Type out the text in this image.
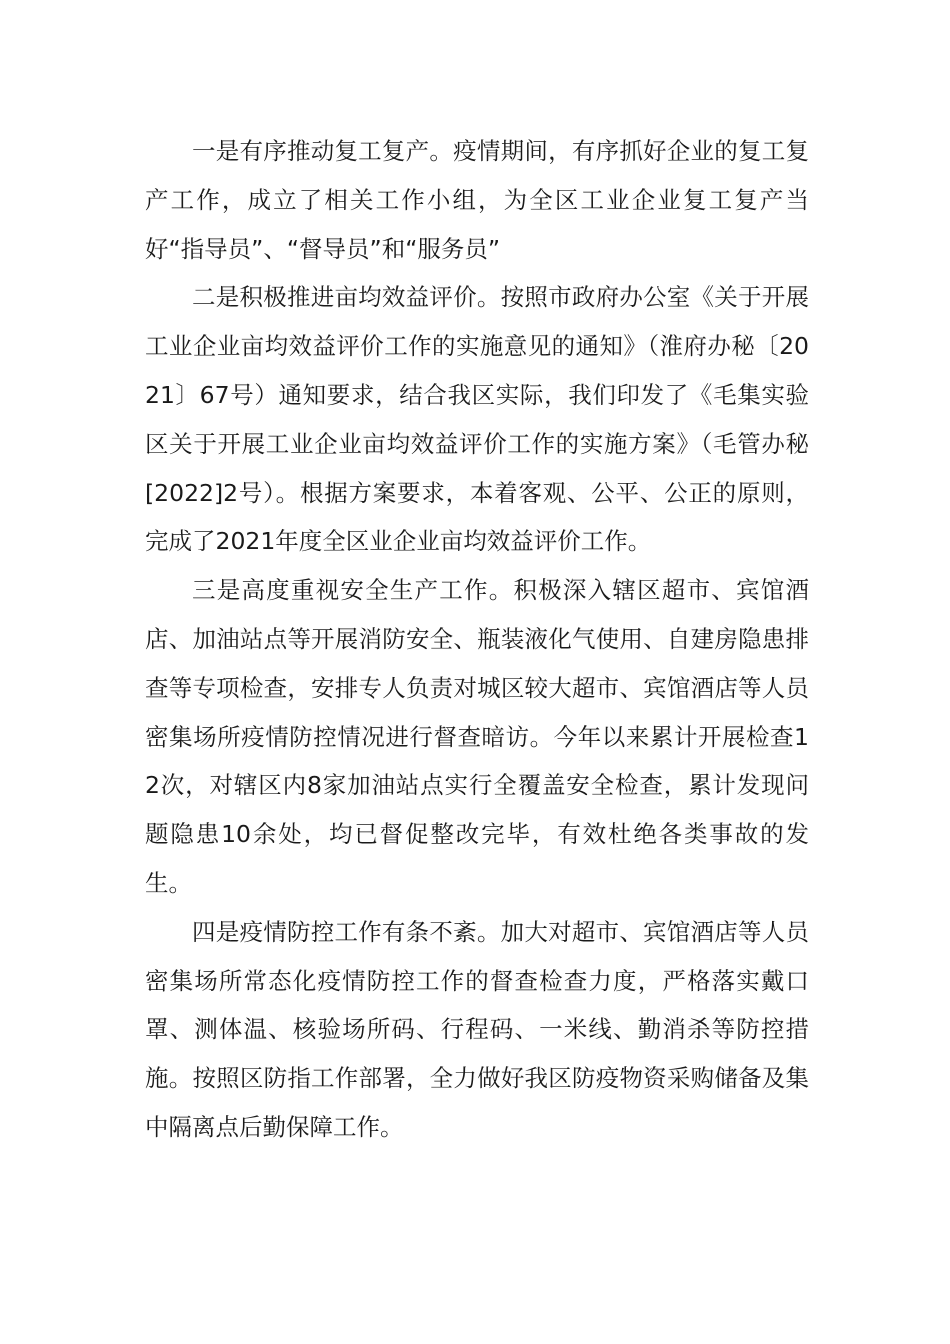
一是有序推动复工复产。疫情期间，有序抓好企业的复工复产工作，成立了相关工作小组，为全区工业企业复工复产当好“指导员”、“督导员”和“服务员”

二是积极推进亩均效益评价。按照市政府办公室《关于开展工业企业亩均效益评价工作的实施意见的通知》（淮府办秘〔2021〕67号）通知要求，结合我区实际，我们印发了《毛集实验区关于开展工业企业亩均效益评价工作的实施方案》（毛管办秘[2022]2号）。根据方案要求，本着客观、公平、公正的原则，完成了2021年度全区业企业亩均效益评价工作。

三是高度重视安全生产工作。积极深入辖区超市、宾馆酒店、加油站点等开展消防安全、瓶装液化气使用、自建房隐患排查等专项检查，安排专人负责对城区较大超市、宾馆酒店等人员密集场所疫情防控情况进行督查暗访。今年以来累计开展检查12次，对辖区内8家加油站点实行全覆盖安全检查，累计发现问题隐患10余处，均已督促整改完毕，有效杜绝各类事故的发生。

四是疫情防控工作有条不紊。加大对超市、宾馆酒店等人员密集场所常态化疫情防控工作的督查检查力度，严格落实戴口罩、测体温、核验场所码、行程码、一米线、勤消杀等防控措施。按照区防指工作部署，全力做好我区防疫物资采购储备及集中隔离点后勤保障工作。
